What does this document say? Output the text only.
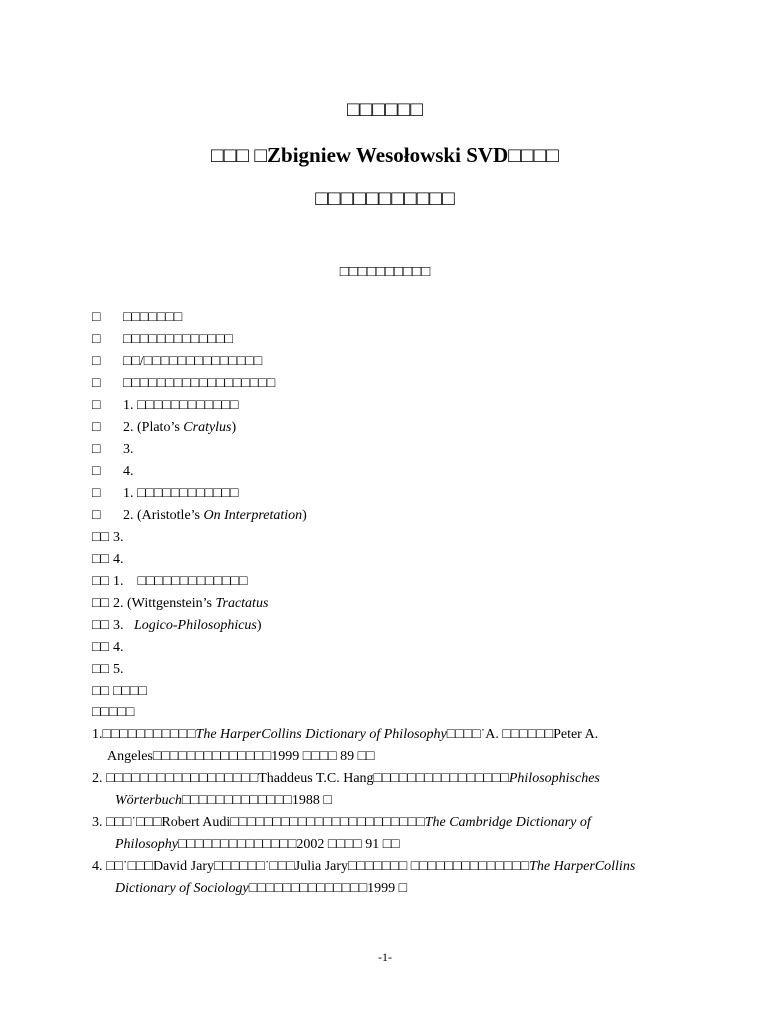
□□□□□□
□□□ □Zbigniew Wesołowski SVD□□□□
□□□□□□□□□□□
□□□□□□□□□□
□ □□□□□□□
□ □□□□□□□□□□□□□
□ □□/□□□□□□□□□□□□□□
□ □□□□□□□□□□□□□□□□□□
□ 1. □□□□□□□□□□□□
□ 2. (Plato’s Cratylus)
□ 3.
□ 4.
□ 1. □□□□□□□□□□□□
□ 2. (Aristotle’s On Interpretation)
□□ 3.
□□ 4.
□□ 1.    □□□□□□□□□□□□□
□□ 2. (Wittgenstein’s Tractatus
□□ 3.   Logico-Philosophicus)
□□ 4.
□□ 5.
□□ □□□□
□□□□□
1.□□□□□□□□□□□The HarperCollins Dictionary of Philosophy□□□□˙A. □□□□□□Peter A.
Angeles□□□□□□□□□□□□□□1999 □□□□ 89 □□
2. □□□□□□□□□□□□□□□□□□Thaddeus T.C. Hang□□□□□□□□□□□□□□□□Philosophisches
Wörterbuch□□□□□□□□□□□□□1988 □
3. □□□˙□□□Robert Audi□□□□□□□□□□□□□□□□□□□□□□□The Cambridge Dictionary of
Philosophy□□□□□□□□□□□□□□2002 □□□□ 91 □□
4. □□˙□□□David Jary□□□□□□˙□□□Julia Jary□□□□□□□ □□□□□□□□□□□□□□The HarperCollins
Dictionary of Sociology□□□□□□□□□□□□□□1999 □
-1-
